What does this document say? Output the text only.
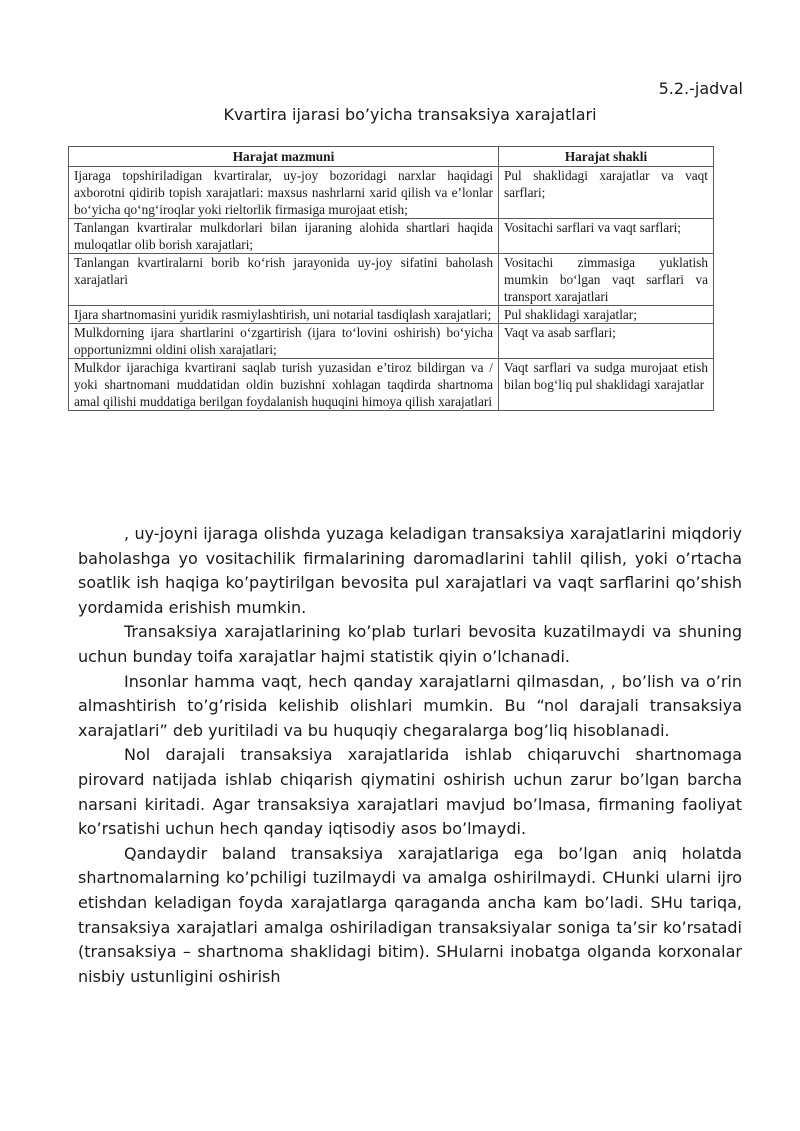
5.2.-jadval
Kvartira ijarasi bo’yicha transaksiya xarajatlari
Harajat mazmuni	Harajat shakli
Ijaraga topshiriladigan kvartiralar, uy-joy bozoridagi narxlar haqidagi axborotni qidirib topish xarajatlari: maxsus nashrlarni xarid qilish va e’lonlar bo‘yicha qo‘ng‘iroqlar yoki rieltorlik firmasiga murojaat etish;	Pul shaklidagi xarajatlar va vaqt sarflari;
Tanlangan kvartiralar mulkdorlari bilan ijaraning alohida shartlari haqida muloqatlar olib borish xarajatlari;	Vositachi sarflari va vaqt sarflari;
Tanlangan kvartiralarni borib ko‘rish jarayonida uy-joy sifatini baholash xarajatlari	Vositachi zimmasiga yuklatish mumkin bo‘lgan vaqt sarflari va transport xarajatlari
Ijara shartnomasini yuridik rasmiylashtirish, uni notarial tasdiqlash xarajatlari;	Pul shaklidagi xarajatlar;
Mulkdorning ijara shartlarini o‘zgartirish (ijara to‘lovini oshirish) bo‘yicha opportunizmni oldini olish xarajatlari;	Vaqt va asab sarflari;
Mulkdor ijarachiga kvartirani saqlab turish yuzasidan e’tiroz bildirgan va / yoki shartnomani muddatidan oldin buzishni xohlagan taqdirda shartnoma amal qilishi muddatiga berilgan foydalanish huquqini himoya qilish xarajatlari	Vaqt sarflari va sudga murojaat etish bilan bog‘liq pul shaklidagi xarajatlar

, uy-joyni ijaraga olishda yuzaga keladigan transaksiya xarajatlarini miqdoriy baholashga yo vositachilik firmalarining daromadlarini tahlil qilish, yoki o’rtacha soatlik ish haqiga ko’paytirilgan bevosita pul xarajatlari va vaqt sarflarini qo’shish yordamida erishish mumkin.

Transaksiya xarajatlarining ko’plab turlari bevosita kuzatilmaydi va shuning uchun bunday toifa xarajatlar hajmi statistik qiyin o’lchanadi.

Insonlar hamma vaqt, hech qanday xarajatlarni qilmasdan, , bo’lish va o’rin almashtirish to’g’risida kelishib olishlari mumkin. Bu “nol darajali transaksiya xarajatlari” deb yuritiladi va bu huquqiy chegaralarga bog’liq hisoblanadi.

Nol darajali transaksiya xarajatlarida ishlab chiqaruvchi shartnomaga pirovard natijada ishlab chiqarish qiymatini oshirish uchun zarur bo’lgan barcha narsani kiritadi. Agar transaksiya xarajatlari mavjud bo’lmasa, firmaning faoliyat ko’rsatishi uchun hech qanday iqtisodiy asos bo’lmaydi.

Qandaydir baland transaksiya xarajatlariga ega bo’lgan aniq holatda shartnomalarning ko’pchiligi tuzilmaydi va amalga oshirilmaydi. CHunki ularni ijro etishdan keladigan foyda xarajatlarga qaraganda ancha kam bo’ladi. SHu tariqa, transaksiya xarajatlari amalga oshiriladigan transaksiyalar soniga ta’sir ko’rsatadi (transaksiya – shartnoma shaklidagi bitim). SHularni inobatga olganda korxonalar nisbiy ustunligini oshirish
